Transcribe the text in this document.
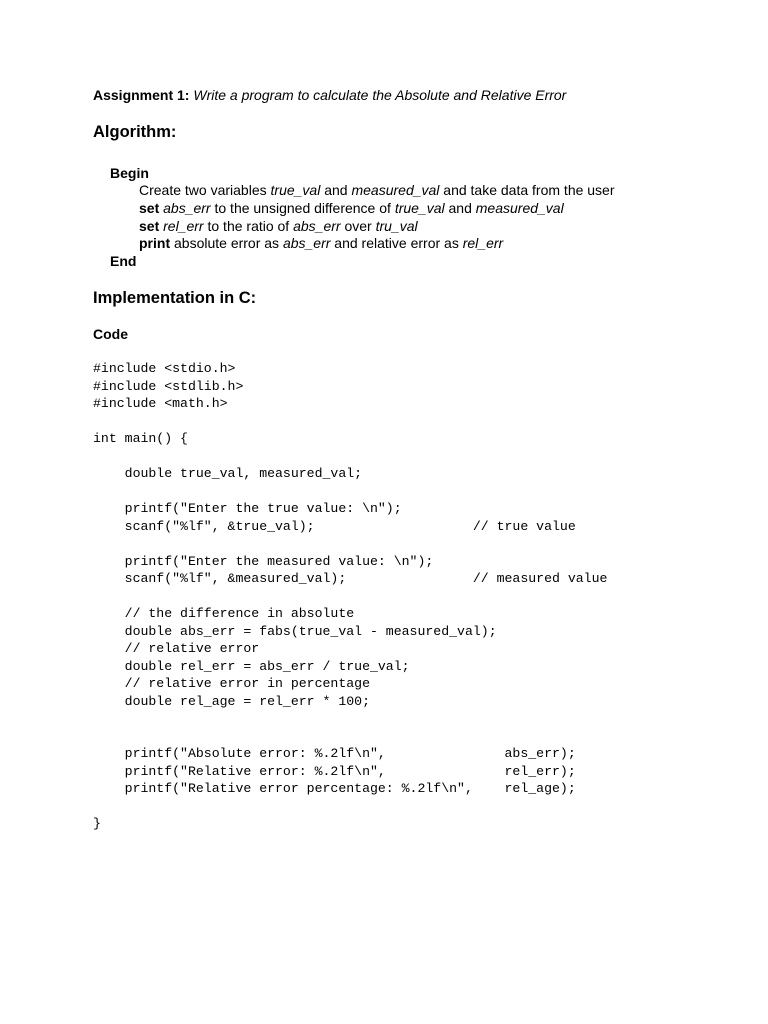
Assignment 1: Write a program to calculate the Absolute and Relative Error
Algorithm:
Begin
Create two variables true_val and measured_val and take data from the user
set abs_err to the unsigned difference of true_val and measured_val
set rel_err to the ratio of abs_err over tru_val
print absolute error as abs_err and relative error as rel_err
End
Implementation in C:
Code
#include <stdio.h>
#include <stdlib.h>
#include <math.h>
int main() {
double true_val, measured_val;
printf("Enter the true value: \n");
scanf("%lf", &true_val);                    // true value
printf("Enter the measured value: \n");
scanf("%lf", &measured_val);                // measured value
// the difference in absolute
double abs_err = fabs(true_val - measured_val);
// relative error
double rel_err = abs_err / true_val;
// relative error in percentage
double rel_age = rel_err * 100;
printf("Absolute error: %.2lf\n",               abs_err);
printf("Relative error: %.2lf\n",               rel_err);
printf("Relative error percentage: %.2lf\n",    rel_age);
}
